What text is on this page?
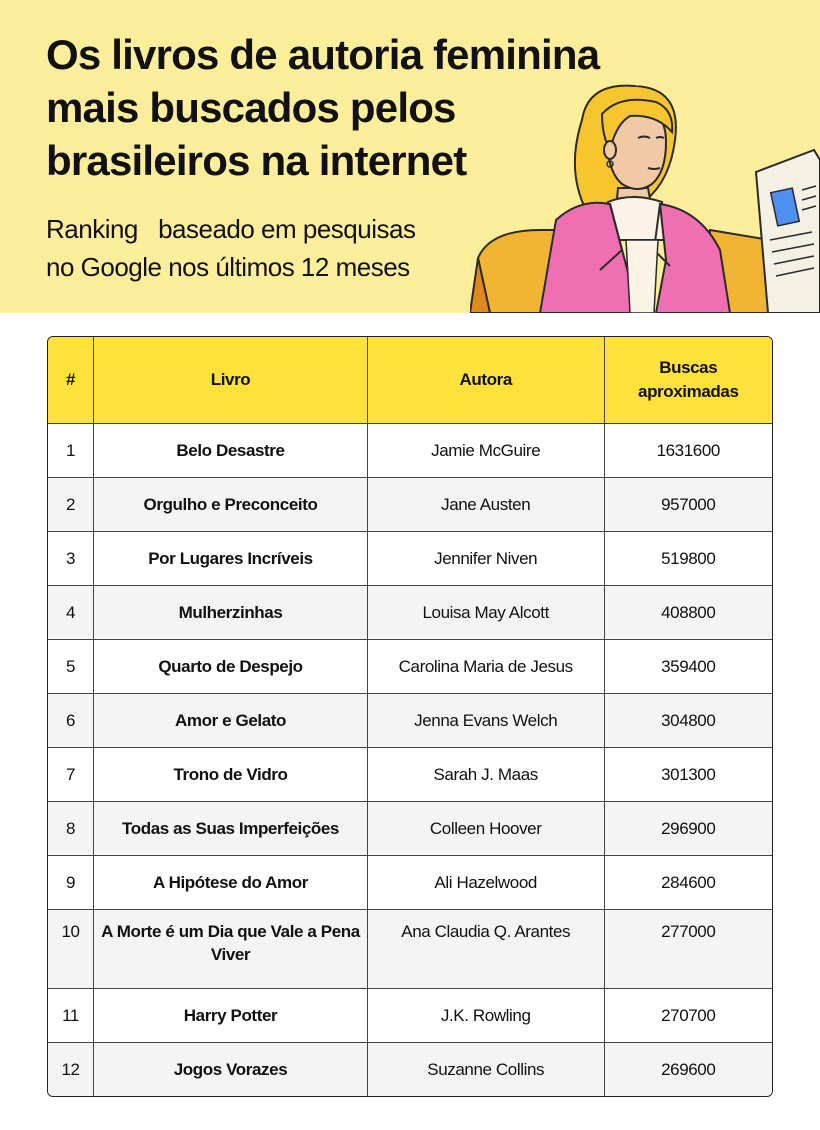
Os livros de autoria feminina
mais buscados pelos
brasileiros na internet

Ranking   baseado em pesquisas
no Google nos últimos 12 meses

#	Livro	Autora	Buscas
aproximadas
1	Belo Desastre	Jamie McGuire	1631600
2	Orgulho e Preconceito	Jane Austen	957000
3	Por Lugares Incríveis	Jennifer Niven	519800
4	Mulherzinhas	Louisa May Alcott	408800
5	Quarto de Despejo	Carolina Maria de Jesus	359400
6	Amor e Gelato	Jenna Evans Welch	304800
7	Trono de Vidro	Sarah J. Maas	301300
8	Todas as Suas Imperfeições	Colleen Hoover	296900
9	A Hipótese do Amor	Ali Hazelwood	284600
10	A Morte é um Dia que Vale a Pena Viver	Ana Claudia Q. Arantes	277000
11	Harry Potter	J.K. Rowling	270700
12	Jogos Vorazes	Suzanne Collins	269600
